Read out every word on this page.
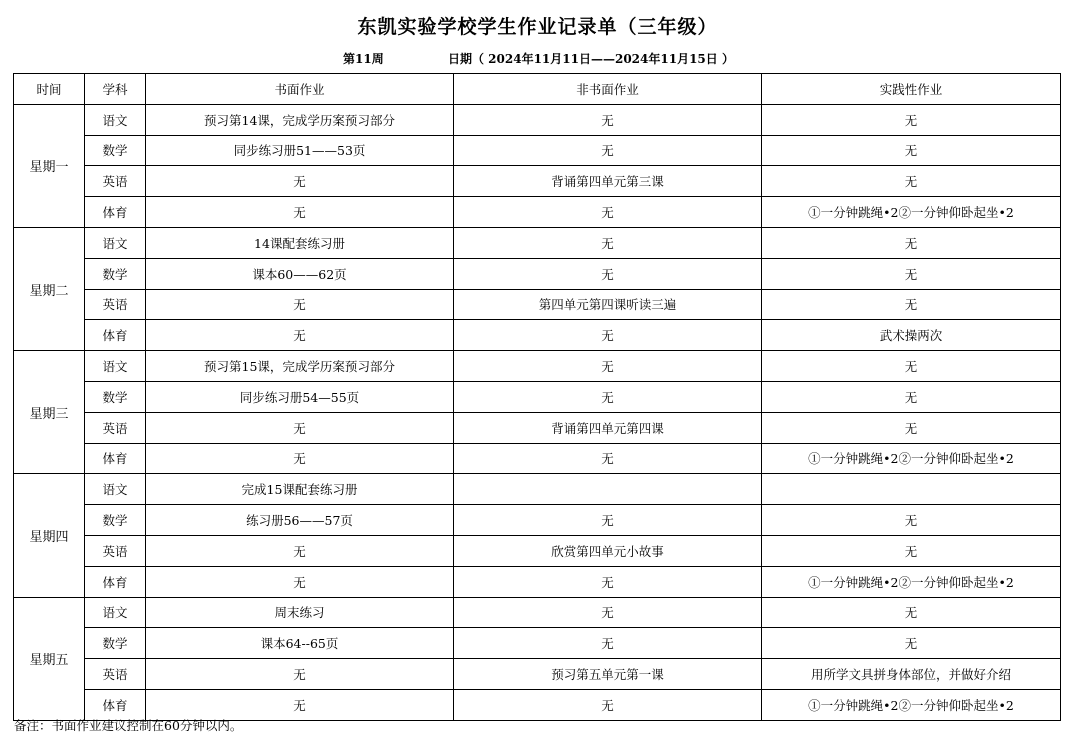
东凯实验学校学生作业记录单（三年级）
第11周	日期（ 2024年11月11日——2024年11月15日 ）
时间	学科	书面作业	非书面作业	实践性作业
星期一	语文	预习第14课，完成学历案预习部分	无	无
	数学	同步练习册51——53页	无	无
	英语	无	背诵第四单元第三课	无
	体育	无	无	①一分钟跳绳•2②一分钟仰卧起坐•2
星期二	语文	14课配套练习册	无	无
	数学	课本60——62页	无	无
	英语	无	第四单元第四课听读三遍	无
	体育	无	无	武术操两次
星期三	语文	预习第15课，完成学历案预习部分	无	无
	数学	同步练习册54—55页	无	无
	英语	无	背诵第四单元第四课	无
	体育	无	无	①一分钟跳绳•2②一分钟仰卧起坐•2
星期四	语文	完成15课配套练习册		
	数学	练习册56——57页	无	无
	英语	无	欣赏第四单元小故事	无
	体育	无	无	①一分钟跳绳•2②一分钟仰卧起坐•2
星期五	语文	周末练习	无	无
	数学	课本64--65页	无	无
	英语	无	预习第五单元第一课	用所学文具拼身体部位，并做好介绍
	体育	无	无	①一分钟跳绳•2②一分钟仰卧起坐•2
备注：书面作业建议控制在60分钟以内。
